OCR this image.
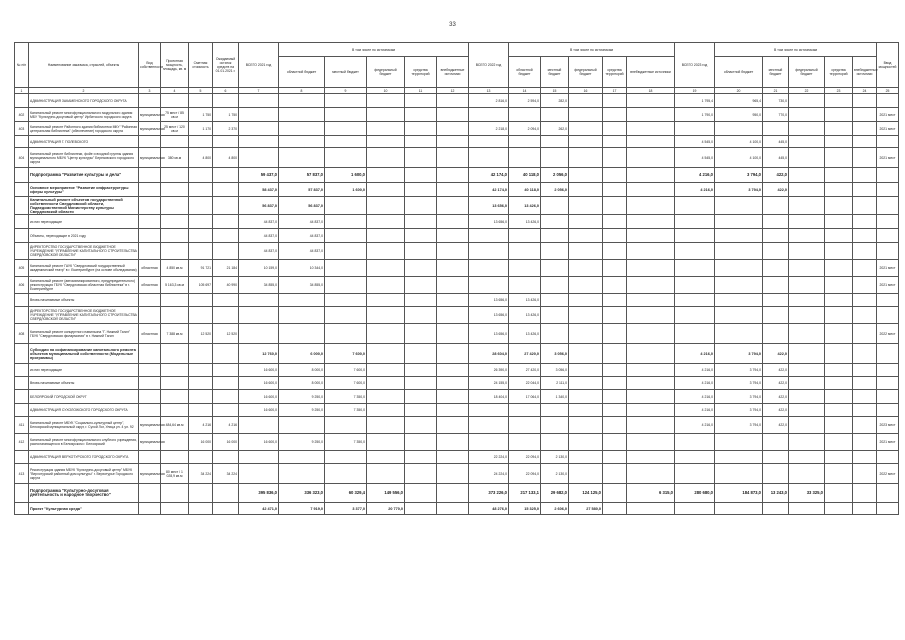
33
№ п/п	Наименование заказчика, отраслей, объекты	Вид собственности	Проектная мощность, площадь, кв. м	Сметная стоимость	Ожидаемый остаток средств на 01.01.2021 г.	ВСЕГО 2021 год	В том числе по источникам					ВСЕГО 2022 год	В том числе по источникам					ВСЕГО 2023 год	В том числе по источникам					Ввод мощностей
							областной бюджет	местный бюджет	федеральный бюджет	средства территорий	внебюджетные источники		областной бюджет	местный бюджет	федеральный бюджет	средства территорий	внебюджетные источники		областной бюджет	местный бюджет	федеральный бюджет	средства территорий	внебюджетные источники	
1	2	3	4	5	6	7	8	9	10	11	12	13	14	15	16	17	18	19	20	21	22	23	24	25
	АДМИНИСТРАЦИЯ ЗАКАМЕНСКОГО ГОРОДСКОГО ОКРУГА											2 816,0	2 594,0	282,0				1 795,4	965,4	730,0				
402	Капитальный ремонт многофункционального модульного здания МБУ "Культурно-досуговый центр" Ирбитского городского округа	муниципальная	75 мест / 85 кв.м	1 750	1 750													1 790,0	950,0	770,0				2021 мест
403	Капитальный ремонт Районного здания библиотеки МКУ "Районная центральная библиотека" (обеспечение) городского округа	муниципальная	25 мест / 120 кв.м	1 170	2 370							2 218,0	2 094,0	262,0										2021 мест
	АДМИНИСТРАЦИЯ Г. ПОЛЕВСКОГО																	4 545,0	4 100,0	445,0				
404	Капитальный ремонт библиотеки, фойе и входной группы здания муниципального МБУК "Центр культуры" Березовского городского округа	муниципальная	380 кв.м	4 800	4 800													4 545,0	4 100,0	445,0				2021 мест
	Подпрограмма "Развитие культуры и дела"					59 437,0	57 837,0	1 600,0				42 174,0	40 118,0	2 056,0				4 216,0	3 794,0	422,0				
	Основное мероприятие "Развитие инфраструктуры сферы культуры"					58 437,0	57 837,0	1 600,0				42 174,0	40 118,0	2 056,0				4 216,0	3 794,0	422,0				
	Капитальный ремонт объектов государственной собственности Свердловской области, Подведомственной Министерству культуры Свердловской области					56 837,0	56 837,0					13 656,0	13 426,0											
	из них переходящие					44 837,0	44 837,0					13 656,0	13 426,0											
	Объекты, переходящие в 2021 году					44 837,0	44 837,0																	
	ДИРЕКТОРСТВО ГОСУДАРСТВЕННОЕ БЮДЖЕТНОЕ УЧРЕЖДЕНИЕ "УПРАВЛЕНИЕ КАПИТАЛЬНОГО СТРОИТЕЛЬСТВА СВЕРДЛОВСКОЙ ОБЛАСТИ"					44 837,0	44 837,0																	
405	Капитальный ремонт ГАУК "Свердловский государственный академический театр" в г. Екатеринбурге (на основе обследования)	областная	4 850 кв.м	91 721	21 184	10 159,0	10 344,0																	2021 мест
406	Капитальный ремонт (автоматизированного, предупредительного) реконструкция ГБУК "Свердловская областная библиотека" в г. Екатеринбурге	областная	5 163,3 кв.м	105 697	40 990	34 855,0	34 855,0																	2021 мест
	Вновь начинаемые объекты											13 656,0	13 426,0											
	ДИРЕКТОРСТВО ГОСУДАРСТВЕННОЕ БЮДЖЕТНОЕ УЧРЕЖДЕНИЕ "УПРАВЛЕНИЕ КАПИТАЛЬНОГО СТРОИТЕЛЬСТВА СВЕРДЛОВСКОЙ ОБЛАСТИ"											13 656,0	13 426,0											
408	Капитальный ремонт концертного павильона "Г. Нижний Тагил" ГБУК "Свердловская филармония" в г. Нижний Тагил	областная	7 388 кв.м	12 520	12 520							13 656,0	13 426,0											2022 мест
	Субсидии на софинансирование капитального ремонта объектов муниципальной собственности (Модельные программы)					12 760,0	6 000,0	7 600,0				28 604,0	27 420,0	3 056,0				4 216,0	3 794,0	422,0				
	из них переходящие					16 600,0	8 000,0	7 600,0				26 390,0	27 420,0	3 056,0				4 216,0	3 794,0	422,0				
	Вновь начинаемые объекты					16 600,0	8 000,0	7 600,0				24 155,0	22 044,0	2 111,0				4 216,0	3 794,0	422,0				
	БЕЛОЯРСКИЙ ГОРОДСКОЙ ОКРУГ					16 600,0	9 250,0	7 350,0				18 404,0	17 064,0	1 340,0				4 216,0	3 794,0	422,0				
	АДМИНИСТРАЦИЯ СУХОЛОЖСКОГО ГОРОДСКОГО ОКРУГА					16 600,0	9 250,0	7 350,0										4 216,0	3 794,0	422,0				
411	Капитальный ремонт МБУК "Социально-культурный центр", Белоярский муниципальный округ, г. Сухой Лог, Улица ул. 4 ул. 92	муниципальная	484,64 кв.м	4 216	4 216													4 216,0	3 794,0	422,0				2023 мест
412	Капитальный ремонт многофункционального клубного учреждения, располагающегося в Белоярском г. Белоярский	муниципальная		16 000	16 000	16 600,0	9 250,0	7 350,0																2021 мест
	АДМИНИСТРАЦИЯ ВЕРХОТУРСКОГО ГОРОДСКОГО ОКРУГА											22 224,0	22 094,0	2 130,0										
413	Реконструкция здания МБУК "Культурно-досуговый центр" МБУК "Верхотурский районный дом культуры" г. Верхотурье Городского округа	муниципальная	80 мест / 1 028,9 кв.м	34 224	34 224							24 224,0	22 094,0	2 130,0										2022 мест
	Подпрограмма "Культурно-досуговая деятельность и народное творчество"					395 836,0	336 323,0	60 329,4	149 556,0			373 226,0	217 133,1	29 682,0	124 125,0		6 315,0	280 680,0	184 873,0	13 243,0	33 325,0			
	Проект "Культурная среда"					42 471,0	7 919,0	3 377,0	20 770,0			48 276,0	15 325,0	2 606,0	27 580,0									
